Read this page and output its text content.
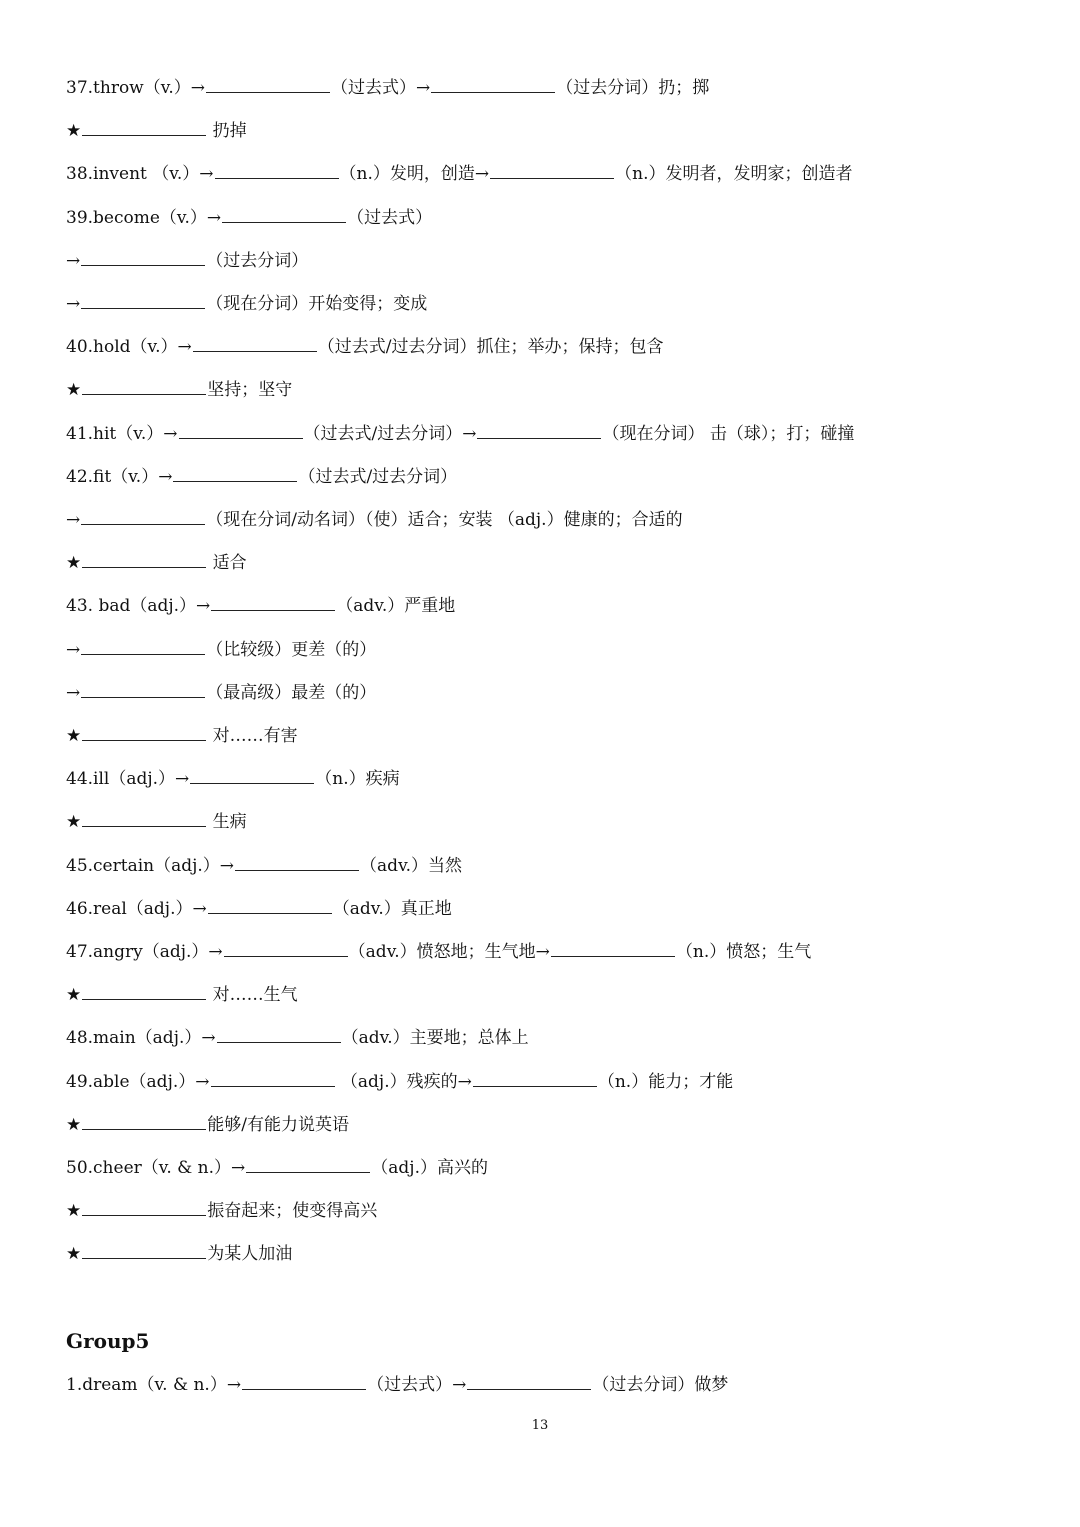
37.throw（v.）→	（过去式）→	（过去分词）扔；掷
★	扔掉
38.invent （v.）→	（n.）发明，创造→	（n.）发明者，发明家；创造者
39.become（v.）→	（过去式）
→	（过去分词）
→	（现在分词）开始变得；变成
40.hold（v.）→	（过去式/过去分词）抓住；举办；保持；包含
★	坚持；坚守
41.hit（v.）→	（过去式/过去分词）→	（现在分词） 击（球）；打；碰撞
42.fit（v.）→	（过去式/过去分词）
→	（现在分词/动名词）（使）适合；安装 （adj.）健康的；合适的
★	适合
43. bad（adj.）→	（adv.）严重地
→	（比较级）更差（的）
→	（最高级）最差（的）
★	对……有害
44.ill（adj.）→	（n.）疾病
★	生病
45.certain（adj.）→	（adv.）当然
46.real（adj.）→	（adv.）真正地
47.angry（adj.）→	（adv.）愤怒地；生气地→	（n.）愤怒；生气
★	对……生气
48.main（adj.）→	（adv.）主要地；总体上
49.able（adj.）→	（adj.）残疾的→	（n.）能力；才能
★	能够/有能力说英语
50.cheer（v. & n.）→	（adj.）高兴的
★	振奋起来；使变得高兴
★	为某人加油
Group5
1.dream（v. & n.）→	（过去式）→	（过去分词）做梦
13
